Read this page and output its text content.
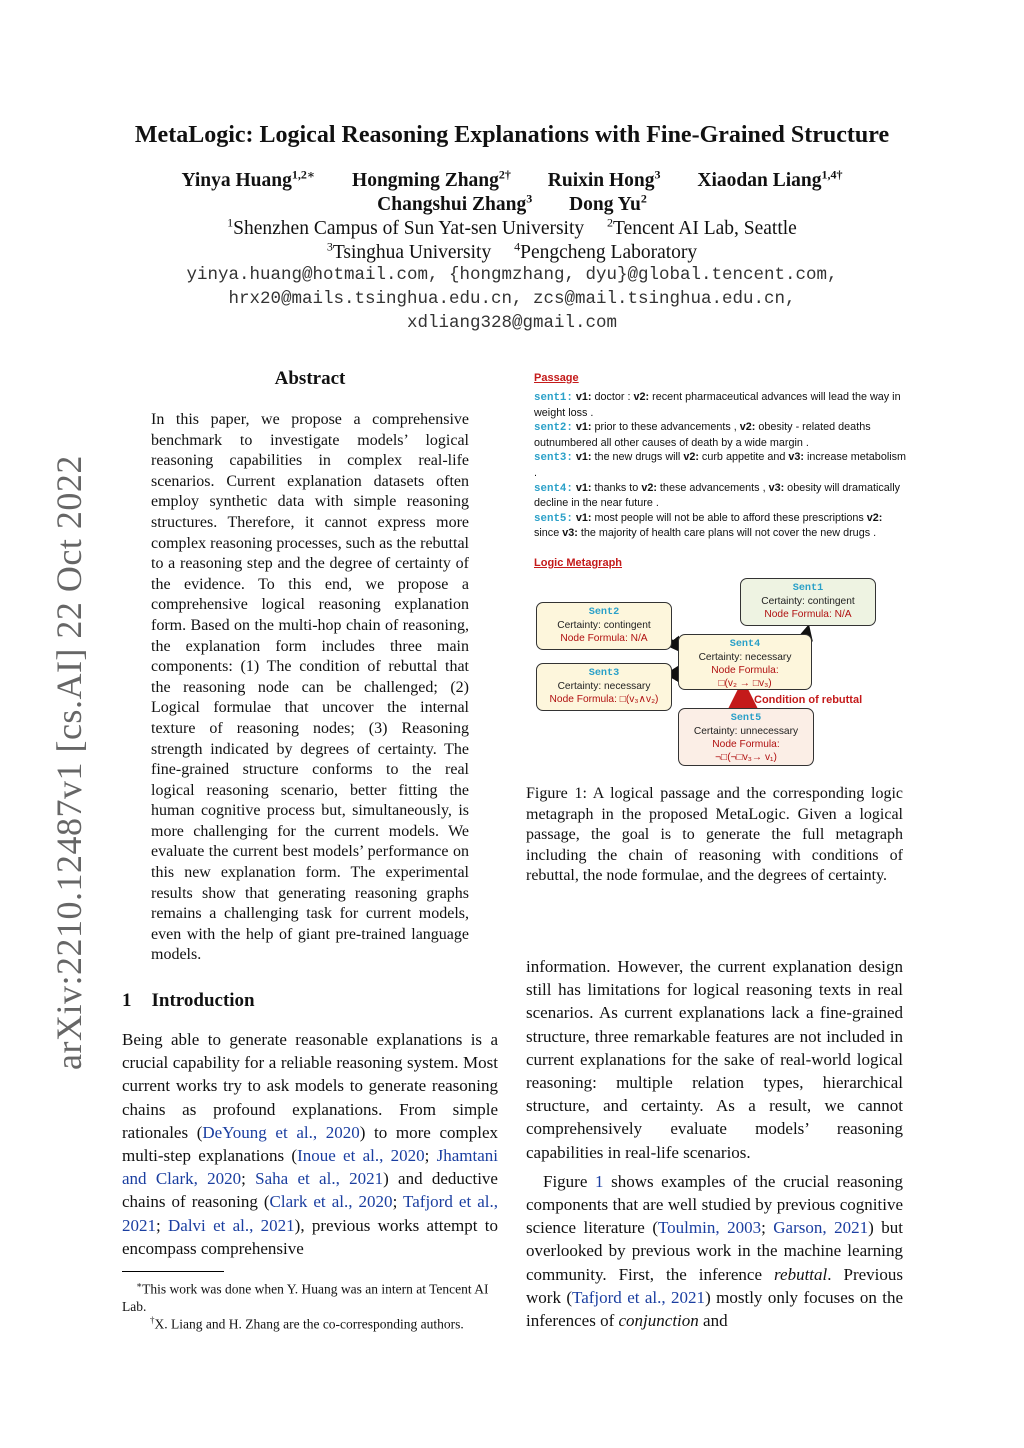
arXiv:2210.12487v1 [cs.AI] 22 Oct 2022
MetaLogic: Logical Reasoning Explanations with Fine-Grained Structure
Yinya Huang$^{1,2∗}$ Hongming Zhang$^{2\dagger}$ Ruixin Hong$^3$ Xiaodan Liang$^{1,4\dagger}$
Changshui Zhang$^3$ Dong Yu$^2$
$^1$Shenzhen Campus of Sun Yat-sen University $^2$Tencent AI Lab, Seattle
$^3$Tsinghua University $^4$Pengcheng Laboratory
yinya.huang@hotmail.com, {hongmzhang, dyu}@global.tencent.com,
hrx20@mails.tsinghua.edu.cn, zcs@mail.tsinghua.edu.cn,
xdliang328@gmail.com
Abstract
In this paper, we propose a comprehensive benchmark to investigate models’ logical reasoning capabilities in complex real-life scenarios. Current explanation datasets often employ synthetic data with simple reasoning structures. Therefore, it cannot express more complex reasoning processes, such as the rebuttal to a reasoning step and the degree of certainty of the evidence. To this end, we propose a comprehensive logical reasoning explanation form. Based on the multi-hop chain of reasoning, the explanation form includes three main components: (1) The condition of rebuttal that the reasoning node can be challenged; (2) Logical formulae that uncover the internal texture of reasoning nodes; (3) Reasoning strength indicated by degrees of certainty. The fine-grained structure conforms to the real logical reasoning scenario, better fitting the human cognitive process but, simultaneously, is more challenging for the current models. We evaluate the current best models’ performance on this new explanation form. The experimental results show that generating reasoning graphs remains a challenging task for current models, even with the help of giant pre-trained language models.
1 Introduction
Being able to generate reasonable explanations is a crucial capability for a reliable reasoning system. Most current works try to ask models to generate reasoning chains as profound explanations. From simple rationales (DeYoung et al., 2020) to more complex multi-step explanations (Inoue et al., 2020; Jhamtani and Clark, 2020; Saha et al., 2021) and deductive chains of reasoning (Clark et al., 2020; Tafjord et al., 2021; Dalvi et al., 2021), previous works attempt to encompass comprehensive
∗This work was done when Y. Huang was an intern at Tencent AI Lab.
†X. Liang and H. Zhang are the co-corresponding authors.
information. However, the current explanation design still has limitations for logical reasoning texts in real scenarios. As current explanations lack a fine-grained structure, three remarkable features are not included in current explanations for the sake of real-world logical reasoning: multiple relation types, hierarchical structure, and certainty. As a result, we cannot comprehensively evaluate models’ reasoning capabilities in real-life scenarios.
Figure 1 shows examples of the crucial reasoning components that are well studied by previous cognitive science literature (Toulmin, 2003; Garson, 2021) but overlooked by previous work in the machine learning community. First, the inference rebuttal. Previous work (Tafjord et al., 2021) mostly only focuses on the inferences of conjunction and
Passage
sent1: v1: doctor : v2: recent pharmaceutical advances will lead the way in weight loss .
sent2: v1: prior to these advancements , v2: obesity - related deaths outnumbered all other causes of death by a wide margin .
sent3: v1: the new drugs will v2: curb appetite and v3: increase metabolism .
sent4: v1: thanks to v2: these advancements , v3: obesity will dramatically decline in the near future .
sent5: v1: most people will not be able to afford these prescriptions v2: since v3: the majority of health care plans will not cover the new drugs .
Logic Metagraph
Sent1
Certainty: contingent
Node Formula: N/A
Sent2
Certainty: contingent
Node Formula: N/A
Sent4
Certainty: necessary
Node Formula:
□(v₂ → □v₃)
Sent3
Certainty: necessary
Node Formula: □(v₃∧v₂)	Condition of rebuttal
Sent5
Certainty: unnecessary
Node Formula:
¬□(¬□v₃→ v₁)
Figure 1: A logical passage and the corresponding logic metagraph in the proposed MetaLogic. Given a logical passage, the goal is to generate the full metagraph including the chain of reasoning with conditions of rebuttal, the node formulae, and the degrees of certainty.
